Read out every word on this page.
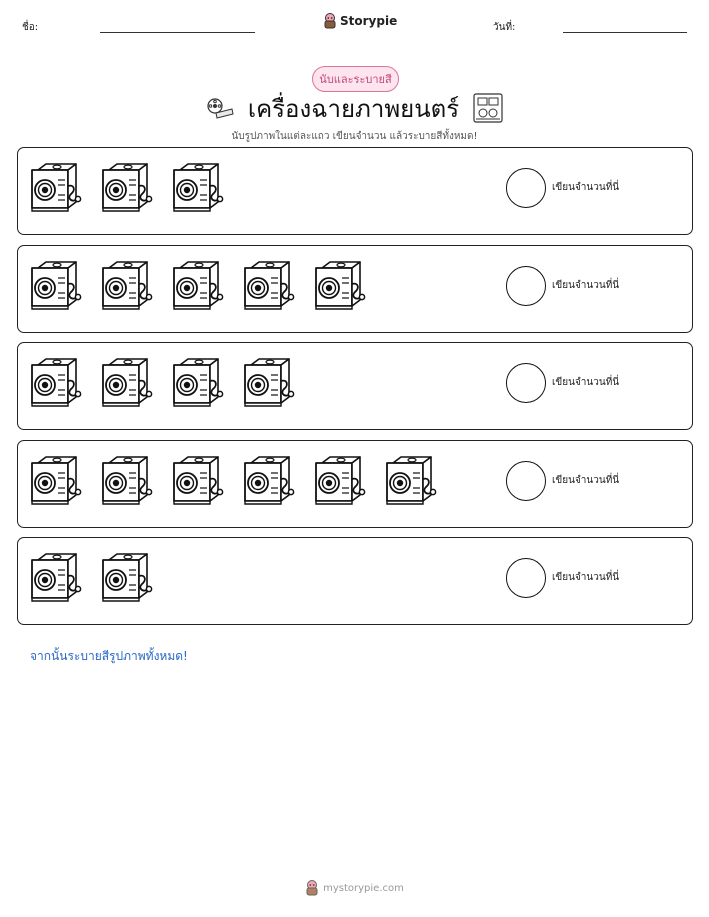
ชื่อ:	Storypie	วันที่:
นับและระบายสี
เครื่องฉายภาพยนตร์
นับรูปภาพในแต่ละแถว เขียนจำนวน แล้วระบายสีทั้งหมด!
เขียนจำนวนที่นี่
เขียนจำนวนที่นี่
เขียนจำนวนที่นี่
เขียนจำนวนที่นี่
เขียนจำนวนที่นี่
จากนั้นระบายสีรูปภาพทั้งหมด!
mystorypie.com
